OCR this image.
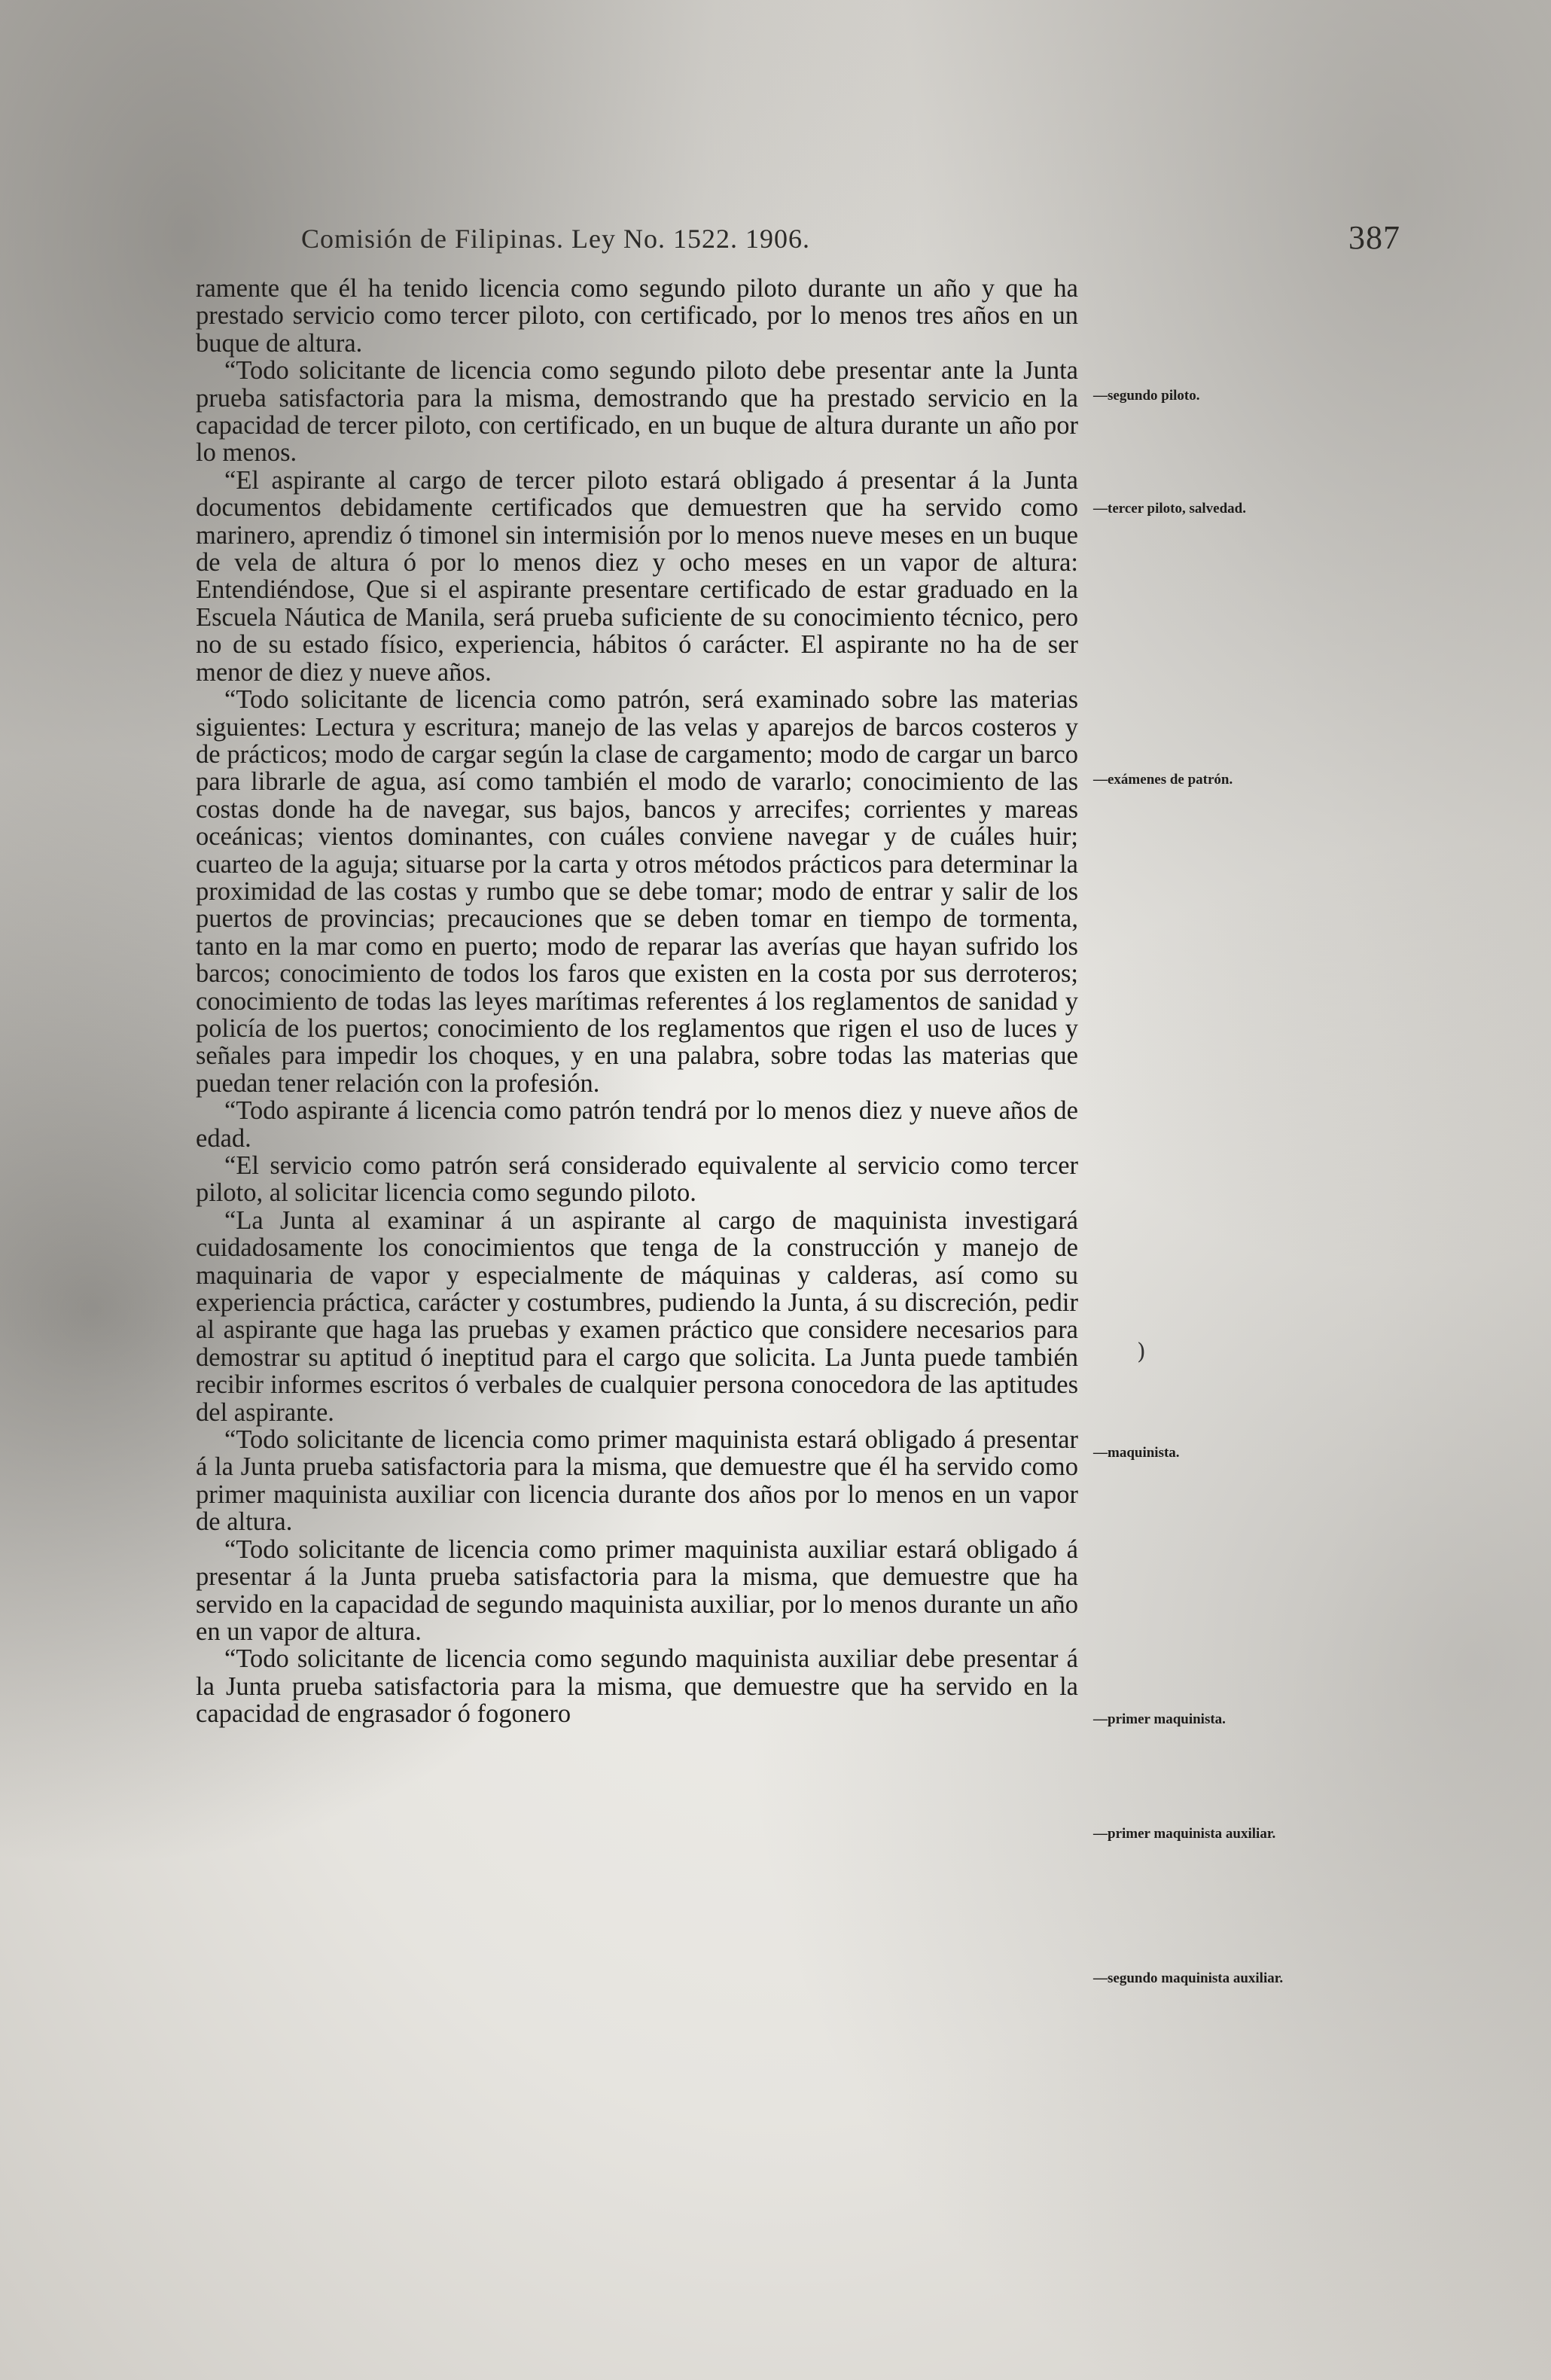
Comisión de Filipinas. Ley No. 1522. 1906.	387

ramente que él ha tenido licencia como segundo piloto durante un año y que ha prestado servicio como tercer piloto, con certificado, por lo menos tres años en un buque de altura.

“Todo solicitante de licencia como segundo piloto debe presentar ante la Junta prueba satisfactoria para la misma, demostrando que ha prestado servicio en la capacidad de tercer piloto, con certificado, en un buque de altura durante un año por lo menos.

“El aspirante al cargo de tercer piloto estará obligado á presentar á la Junta documentos debidamente certificados que demuestren que ha servido como marinero, aprendiz ó timonel sin intermisión por lo menos nueve meses en un buque de vela de altura ó por lo menos diez y ocho meses en un vapor de altura: Entendiéndose, Que si el aspirante presentare certificado de estar graduado en la Escuela Náutica de Manila, será prueba suficiente de su conocimiento técnico, pero no de su estado físico, experiencia, hábitos ó carácter. El aspirante no ha de ser menor de diez y nueve años.

“Todo solicitante de licencia como patrón, será examinado sobre las materias siguientes: Lectura y escritura; manejo de las velas y aparejos de barcos costeros y de prácticos; modo de cargar según la clase de cargamento; modo de cargar un barco para librarle de agua, así como también el modo de vararlo; conocimiento de las costas donde ha de navegar, sus bajos, bancos y arrecifes; corrientes y mareas oceánicas; vientos dominantes, con cuáles conviene navegar y de cuáles huir; cuarteo de la aguja; situarse por la carta y otros métodos prácticos para determinar la proximidad de las costas y rumbo que se debe tomar; modo de entrar y salir de los puertos de provincias; precauciones que se deben tomar en tiempo de tormenta, tanto en la mar como en puerto; modo de reparar las averías que hayan sufrido los barcos; conocimiento de todos los faros que existen en la costa por sus derroteros; conocimiento de todas las leyes marítimas referentes á los reglamentos de sanidad y policía de los puertos; conocimiento de los reglamentos que rigen el uso de luces y señales para impedir los choques, y en una palabra, sobre todas las materias que puedan tener relación con la profesión.

“Todo aspirante á licencia como patrón tendrá por lo menos diez y nueve años de edad.

“El servicio como patrón será considerado equivalente al servicio como tercer piloto, al solicitar licencia como segundo piloto.

“La Junta al examinar á un aspirante al cargo de maquinista investigará cuidadosamente los conocimientos que tenga de la construcción y manejo de maquinaria de vapor y especialmente de máquinas y calderas, así como su experiencia práctica, carácter y costumbres, pudiendo la Junta, á su discreción, pedir al aspirante que haga las pruebas y examen práctico que considere necesarios para demostrar su aptitud ó ineptitud para el cargo que solicita. La Junta puede también recibir informes escritos ó verbales de cualquier persona conocedora de las aptitudes del aspirante.

“Todo solicitante de licencia como primer maquinista estará obligado á presentar á la Junta prueba satisfactoria para la misma, que demuestre que él ha servido como primer maquinista auxiliar con licencia durante dos años por lo menos en un vapor de altura.

“Todo solicitante de licencia como primer maquinista auxiliar estará obligado á presentar á la Junta prueba satisfactoria para la misma, que demuestre que ha servido en la capacidad de segundo maquinista auxiliar, por lo menos durante un año en un vapor de altura.

“Todo solicitante de licencia como segundo maquinista auxiliar debe presentar á la Junta prueba satisfactoria para la misma, que demuestre que ha servido en la capacidad de engrasador ó fogonero

—segundo piloto.
—tercer piloto, salvedad.
—exámenes de patrón.
—maquinista.
—primer maquinista.
—primer maquinista auxiliar.
—segundo maquinista auxiliar.
)
